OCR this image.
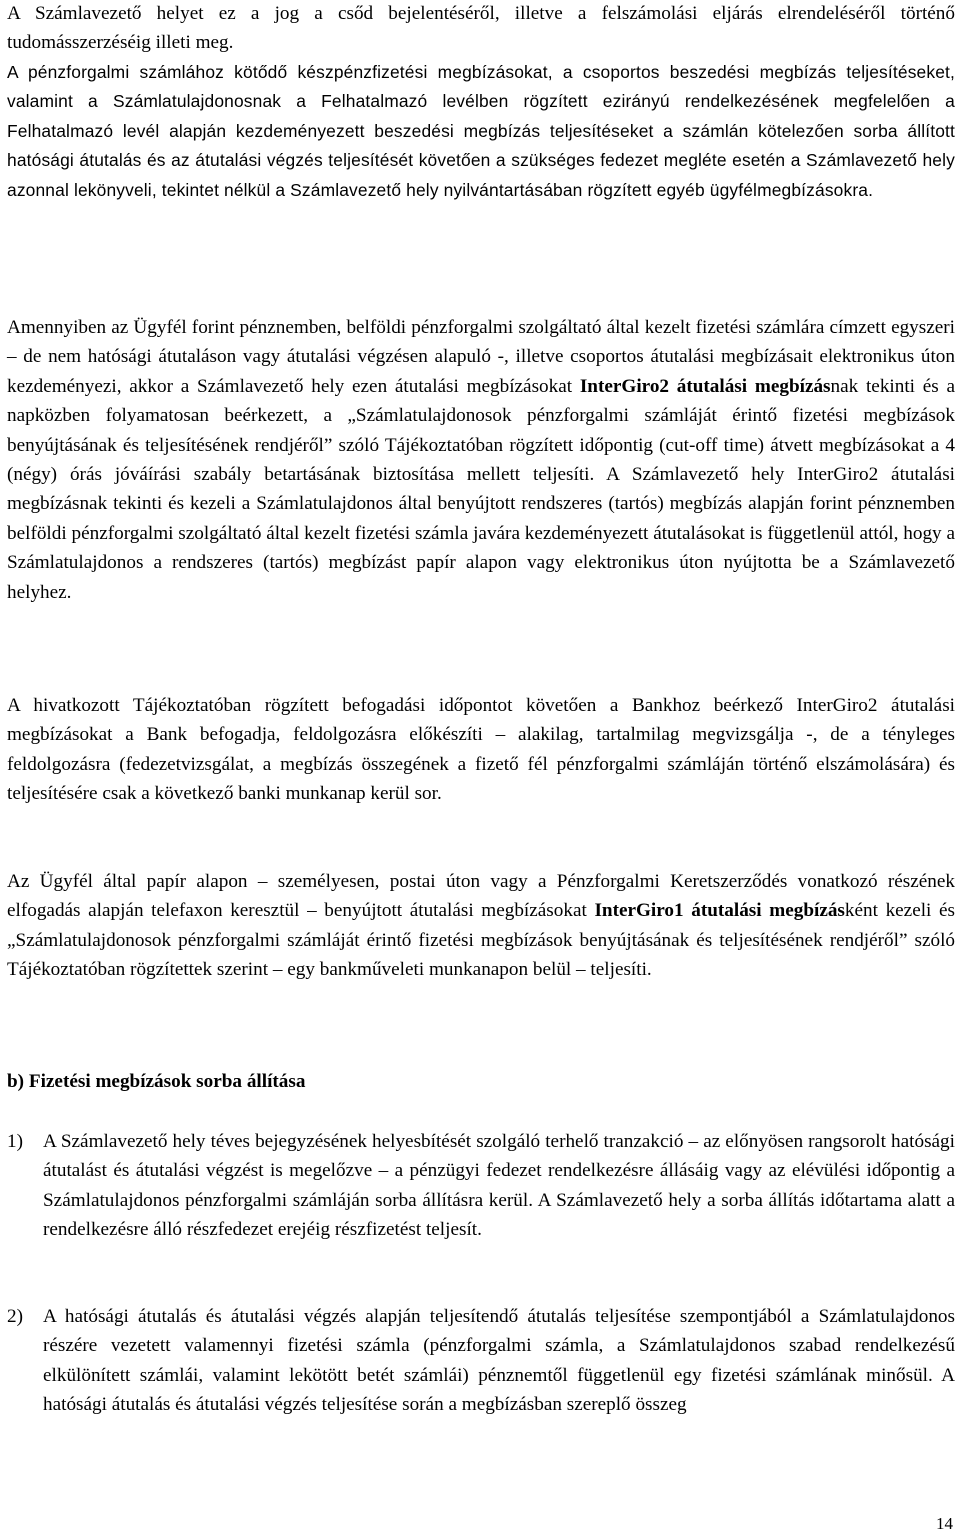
A Számlavezető helyet ez a jog a csőd bejelentéséről, illetve a felszámolási eljárás elrendeléséről történő tudomásszerzéséig illeti meg.

A pénzforgalmi számlához kötődő készpénzfizetési megbízásokat, a csoportos beszedési megbízás teljesítéseket, valamint a Számlatulajdonosnak a Felhatalmazó levélben rögzített ezirányú rendelkezésének megfelelően a Felhatalmazó levél alapján kezdeményezett beszedési megbízás teljesítéseket a számlán kötelezően sorba állított hatósági átutalás és az átutalási végzés teljesítését követően a szükséges fedezet megléte esetén a Számlavezető hely azonnal lekönyveli, tekintet nélkül a Számlavezető hely nyilvántartásában rögzített egyéb ügyfélmegbízásokra.

Amennyiben az Ügyfél forint pénznemben, belföldi pénzforgalmi szolgáltató által kezelt fizetési számlára címzett egyszeri – de nem hatósági átutaláson vagy átutalási végzésen alapuló -, illetve csoportos átutalási megbízásait elektronikus úton kezdeményezi, akkor a Számlavezető hely ezen átutalási megbízásokat InterGiro2 átutalási megbízásnak tekinti és a napközben folyamatosan beérkezett, a „Számlatulajdonosok pénzforgalmi számláját érintő fizetési megbízások benyújtásának és teljesítésének rendjéről” szóló Tájékoztatóban rögzített időpontig (cut-off time) átvett megbízásokat a 4 (négy) órás jóváírási szabály betartásának biztosítása mellett teljesíti. A Számlavezető hely InterGiro2 átutalási megbízásnak tekinti és kezeli a Számlatulajdonos által benyújtott rendszeres (tartós) megbízás alapján forint pénznemben belföldi pénzforgalmi szolgáltató által kezelt fizetési számla javára kezdeményezett átutalásokat is függetlenül attól, hogy a Számlatulajdonos a rendszeres (tartós) megbízást papír alapon vagy elektronikus úton nyújtotta be a Számlavezető helyhez.

A hivatkozott Tájékoztatóban rögzített befogadási időpontot követően a Bankhoz beérkező InterGiro2 átutalási megbízásokat a Bank befogadja, feldolgozásra előkészíti – alakilag, tartalmilag megvizsgálja -, de a tényleges feldolgozásra (fedezetvizsgálat, a megbízás összegének a fizető fél pénzforgalmi számláján történő elszámolására) és teljesítésére csak a következő banki munkanap kerül sor.

Az Ügyfél által papír alapon – személyesen, postai úton vagy a Pénzforgalmi Keretszerződés vonatkozó részének elfogadás alapján telefaxon keresztül – benyújtott átutalási megbízásokat InterGiro1 átutalási megbízásként kezeli és „Számlatulajdonosok pénzforgalmi számláját érintő fizetési megbízások benyújtásának és teljesítésének rendjéről” szóló Tájékoztatóban rögzítettek szerint – egy bankműveleti munkanapon belül – teljesíti.

b) Fizetési megbízások sorba állítása

1)	A Számlavezető hely téves bejegyzésének helyesbítését szolgáló terhelő tranzakció – az előnyösen rangsorolt hatósági átutalást és átutalási végzést is megelőzve – a pénzügyi fedezet rendelkezésre állásáig vagy az elévülési időpontig a Számlatulajdonos pénzforgalmi számláján sorba állításra kerül. A Számlavezető hely a sorba állítás időtartama alatt a rendelkezésre álló részfedezet erejéig részfizetést teljesít.
2)	A hatósági átutalás és átutalási végzés alapján teljesítendő átutalás teljesítése szempontjából a Számlatulajdonos részére vezetett valamennyi fizetési számla (pénzforgalmi számla, a Számlatulajdonos szabad rendelkezésű elkülönített számlái, valamint lekötött betét számlái) pénznemtől függetlenül egy fizetési számlának minősül. A hatósági átutalás és átutalási végzés teljesítése során a megbízásban szereplő összeg
14
